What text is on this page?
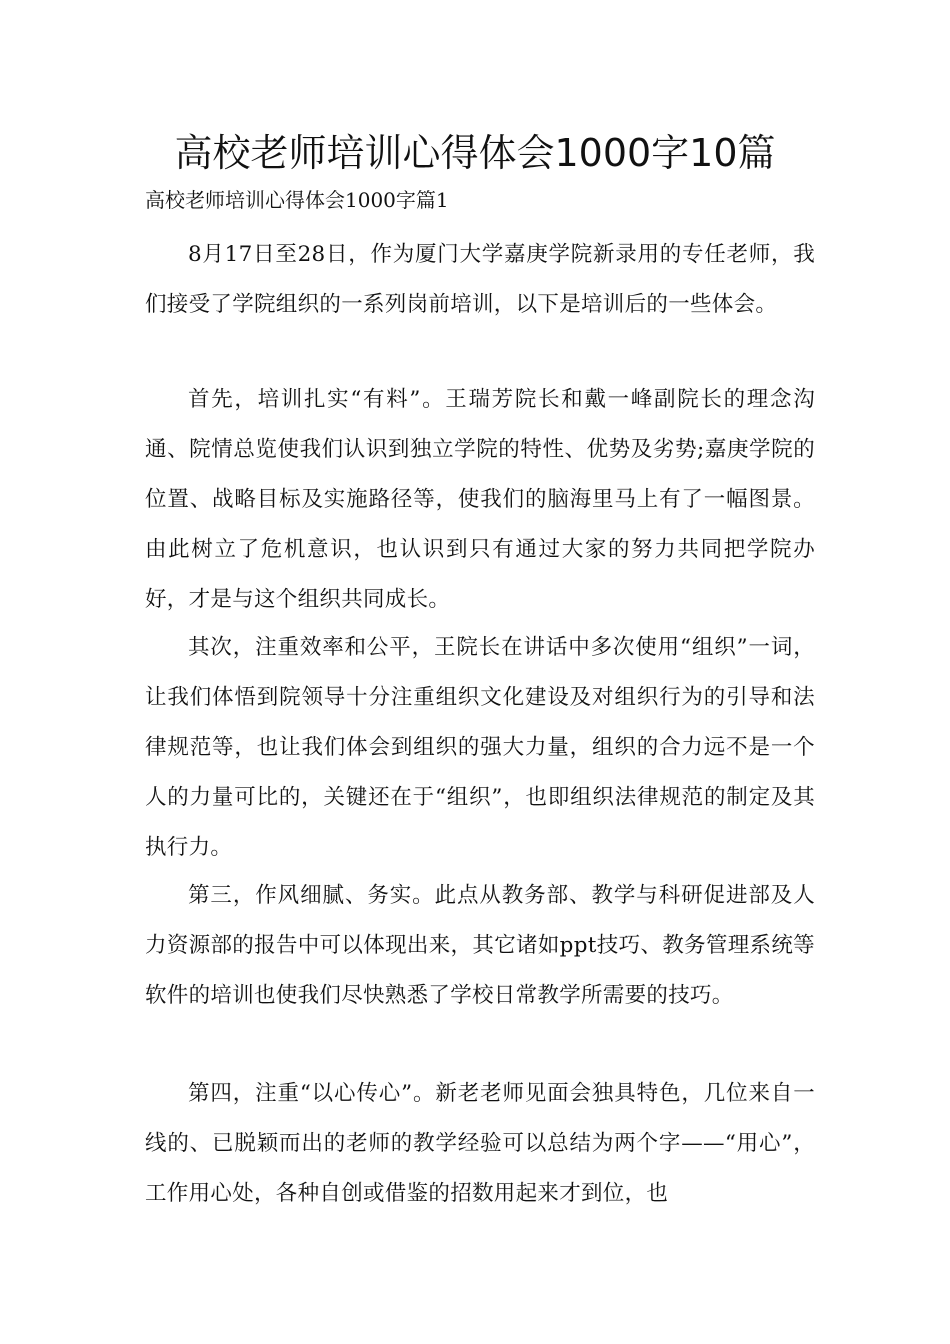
高校老师培训心得体会1000字10篇

高校老师培训心得体会1000字篇1

8月17日至28日，作为厦门大学嘉庚学院新录用的专任老师，我们接受了学院组织的一系列岗前培训，以下是培训后的一些体会。

首先，培训扎实“有料”。王瑞芳院长和戴一峰副院长的理念沟通、院情总览使我们认识到独立学院的特性、优势及劣势;嘉庚学院的位置、战略目标及实施路径等，使我们的脑海里马上有了一幅图景。由此树立了危机意识，也认识到只有通过大家的努力共同把学院办好，才是与这个组织共同成长。

其次，注重效率和公平，王院长在讲话中多次使用“组织”一词，让我们体悟到院领导十分注重组织文化建设及对组织行为的引导和法律规范等，也让我们体会到组织的强大力量，组织的合力远不是一个人的力量可比的，关键还在于“组织”，也即组织法律规范的制定及其执行力。

第三，作风细腻、务实。此点从教务部、教学与科研促进部及人力资源部的报告中可以体现出来，其它诸如ppt技巧、教务管理系统等软件的培训也使我们尽快熟悉了学校日常教学所需要的技巧。

第四，注重“以心传心”。新老老师见面会独具特色，几位来自一线的、已脱颖而出的老师的教学经验可以总结为两个字——“用心”，工作用心处，各种自创或借鉴的招数用起来才到位，也
